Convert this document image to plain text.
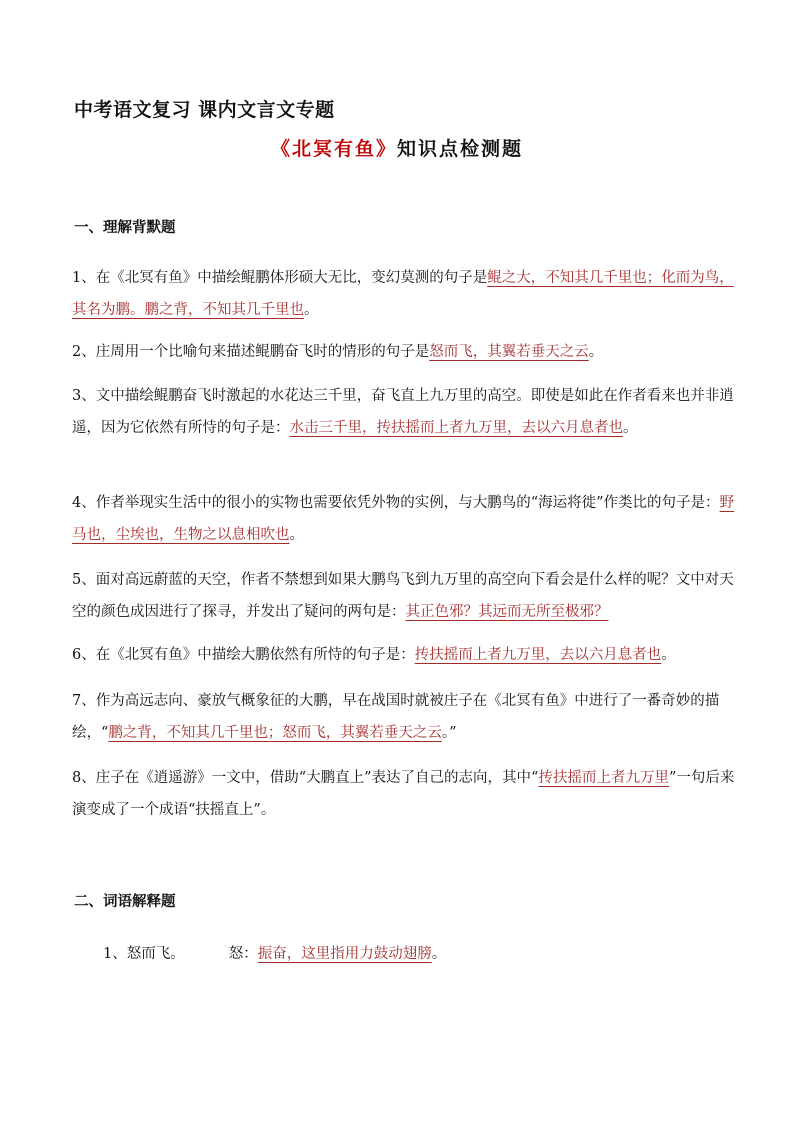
中考语文复习 课内文言文专题
《北冥有鱼》知识点检测题
一、理解背默题
1、在《北冥有鱼》中描绘鲲鹏体形硕大无比，变幻莫测的句子是鲲之大，不知其几千里也；化而为鸟，其名为鹏。鹏之背，不知其几千里也。
2、庄周用一个比喻句来描述鲲鹏奋飞时的情形的句子是怒而飞，其翼若垂天之云。
3、文中描绘鲲鹏奋飞时激起的水花达三千里，奋飞直上九万里的高空。即使是如此在作者看来也并非逍遥，因为它依然有所恃的句子是：水击三千里，抟扶摇而上者九万里，去以六月息者也。
4、作者举现实生活中的很小的实物也需要依凭外物的实例，与大鹏鸟的“海运将徙”作类比的句子是：野马也，尘埃也，生物之以息相吹也。
5、面对高远蔚蓝的天空，作者不禁想到如果大鹏鸟飞到九万里的高空向下看会是什么样的呢？文中对天空的颜色成因进行了探寻，并发出了疑问的两句是：其正色邪？其远而无所至极邪？
6、在《北冥有鱼》中描绘大鹏依然有所恃的句子是：抟扶摇而上者九万里，去以六月息者也。
7、作为高远志向、豪放气概象征的大鹏，早在战国时就被庄子在《北冥有鱼》中进行了一番奇妙的描绘，“鹏之背，不知其几千里也；怒而飞，其翼若垂天之云。”
8、庄子在《逍遥游》一文中，借助“大鹏直上”表达了自己的志向，其中“抟扶摇而上者九万里”一句后来演变成了一个成语“扶摇直上”。
二、词语解释题
1、怒而飞。	怒：振奋，这里指用力鼓动翅膀。
